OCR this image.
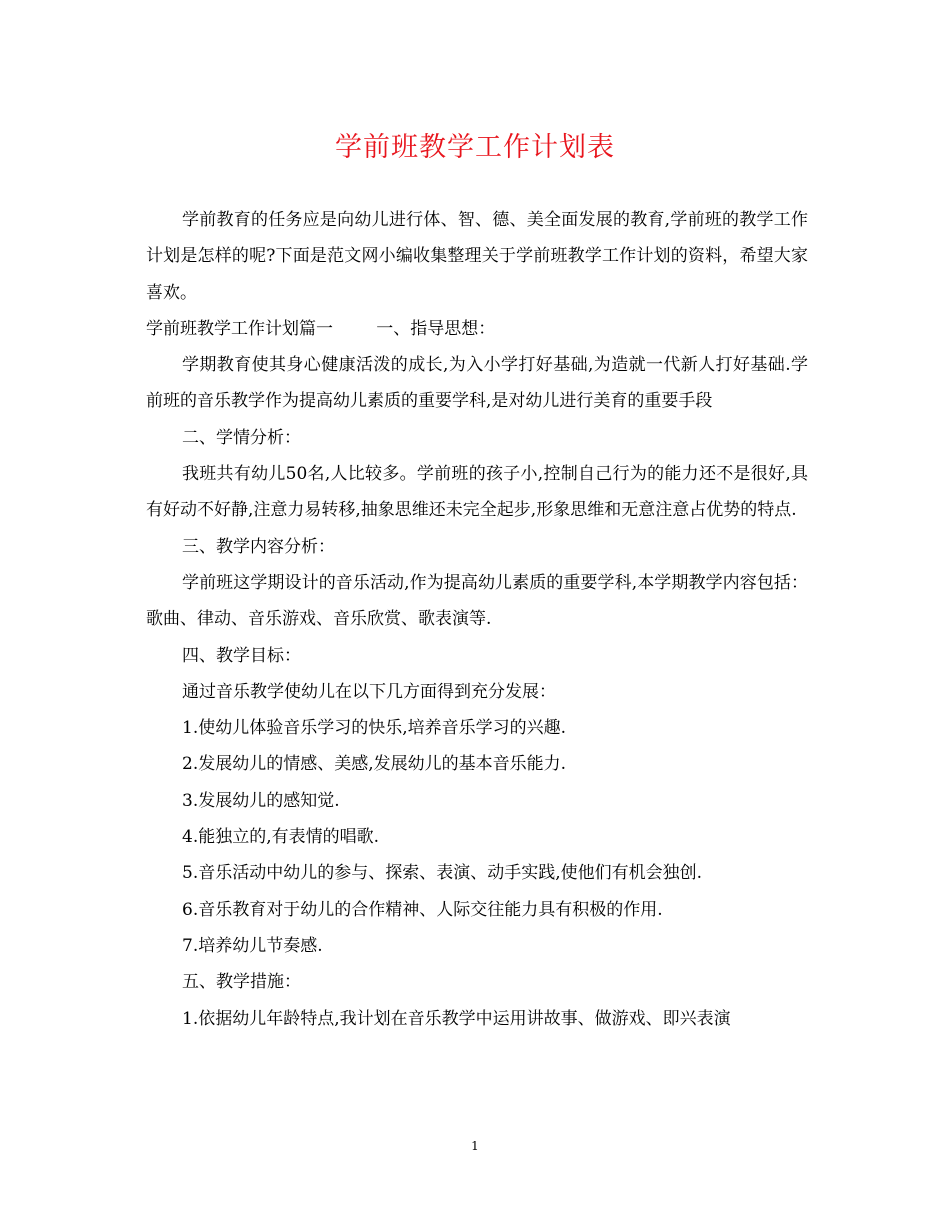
学前班教学工作计划表

学前教育的任务应是向幼儿进行体、智、德、美全面发展的教育,学前班的教学工作计划是怎样的呢?下面是范文网小编收集整理关于学前班教学工作计划的资料，希望大家喜欢。

学前班教学工作计划篇一	一、指导思想：

学期教育使其身心健康活泼的成长,为入小学打好基础,为造就一代新人打好基础.学前班的音乐教学作为提高幼儿素质的重要学科,是对幼儿进行美育的重要手段

二、学情分析：

我班共有幼儿50名,人比较多。学前班的孩子小,控制自己行为的能力还不是很好,具有好动不好静,注意力易转移,抽象思维还未完全起步,形象思维和无意注意占优势的特点.

三、教学内容分析：

学前班这学期设计的音乐活动,作为提高幼儿素质的重要学科,本学期教学内容包括：歌曲、律动、音乐游戏、音乐欣赏、歌表演等.

四、教学目标：

通过音乐教学使幼儿在以下几方面得到充分发展：

1.使幼儿体验音乐学习的快乐,培养音乐学习的兴趣.

2.发展幼儿的情感、美感,发展幼儿的基本音乐能力.

3.发展幼儿的感知觉.

4.能独立的,有表情的唱歌.

5.音乐活动中幼儿的参与、探索、表演、动手实践,使他们有机会独创.

6.音乐教育对于幼儿的合作精神、人际交往能力具有积极的作用.

7.培养幼儿节奏感.

五、教学措施：

1.依据幼儿年龄特点,我计划在音乐教学中运用讲故事、做游戏、即兴表演

1
